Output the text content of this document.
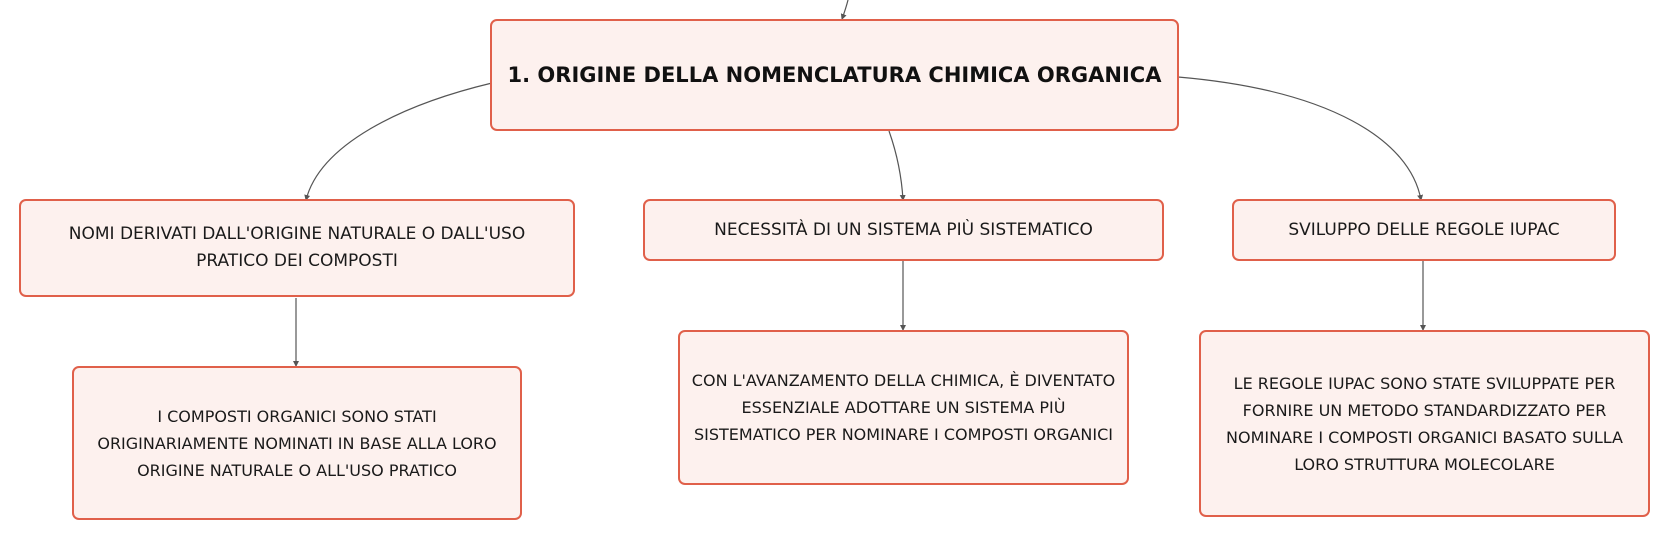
1. ORIGINE DELLA NOMENCLATURA CHIMICA ORGANICA
NOMI DERIVATI DALL'ORIGINE NATURALE O DALL'USO PRATICO DEI COMPOSTI
NECESSITÀ DI UN SISTEMA PIÙ SISTEMATICO	SVILUPPO DELLE REGOLE IUPAC
I COMPOSTI ORGANICI SONO STATI ORIGINARIAMENTE NOMINATI IN BASE ALLA LORO ORIGINE NATURALE O ALL'USO PRATICO
CON L'AVANZAMENTO DELLA CHIMICA, È DIVENTATO ESSENZIALE ADOTTARE UN SISTEMA PIÙ SISTEMATICO PER NOMINARE I COMPOSTI ORGANICI
LE REGOLE IUPAC SONO STATE SVILUPPATE PER FORNIRE UN METODO STANDARDIZZATO PER NOMINARE I COMPOSTI ORGANICI BASATO SULLA LORO STRUTTURA MOLECOLARE
